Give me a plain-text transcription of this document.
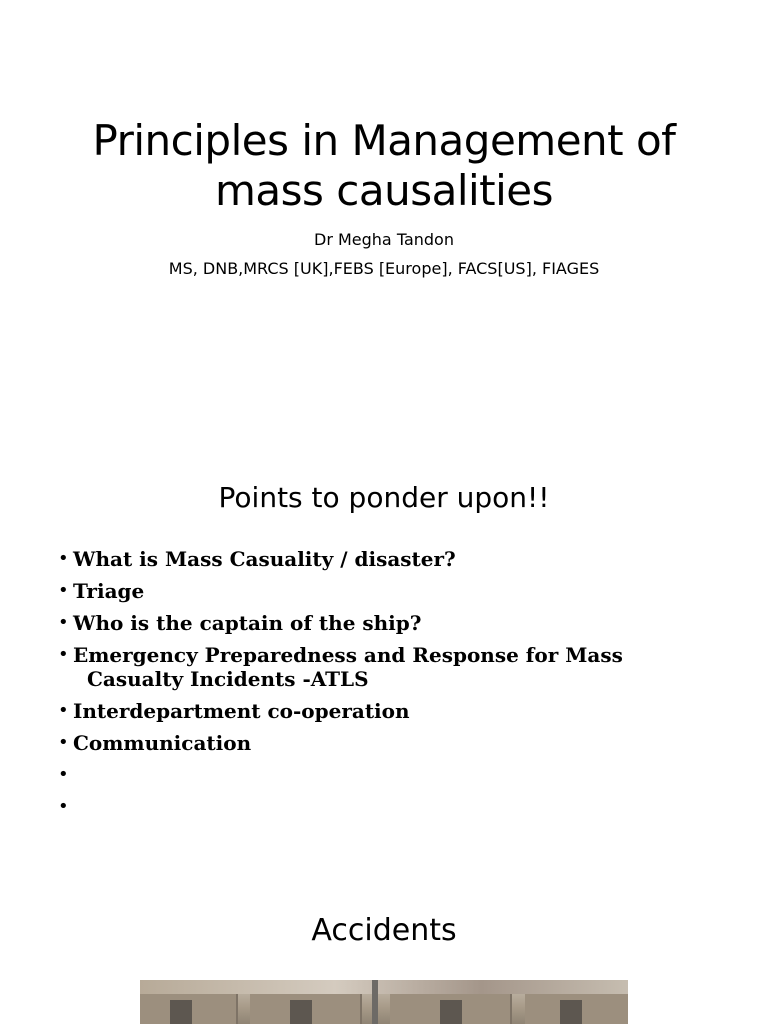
Principles in Management of
mass causalities

Dr Megha Tandon

MS, DNB,MRCS [UK],FEBS [Europe], FACS[US], FIAGES

Points to ponder upon!!
• What is Mass Casuality / disaster?
• Triage
• Who is the captain of the ship?
• Emergency Preparedness and Response for Mass
Casualty Incidents -ATLS
• Interdepartment co-operation
• Communication
•

•

Accidents
